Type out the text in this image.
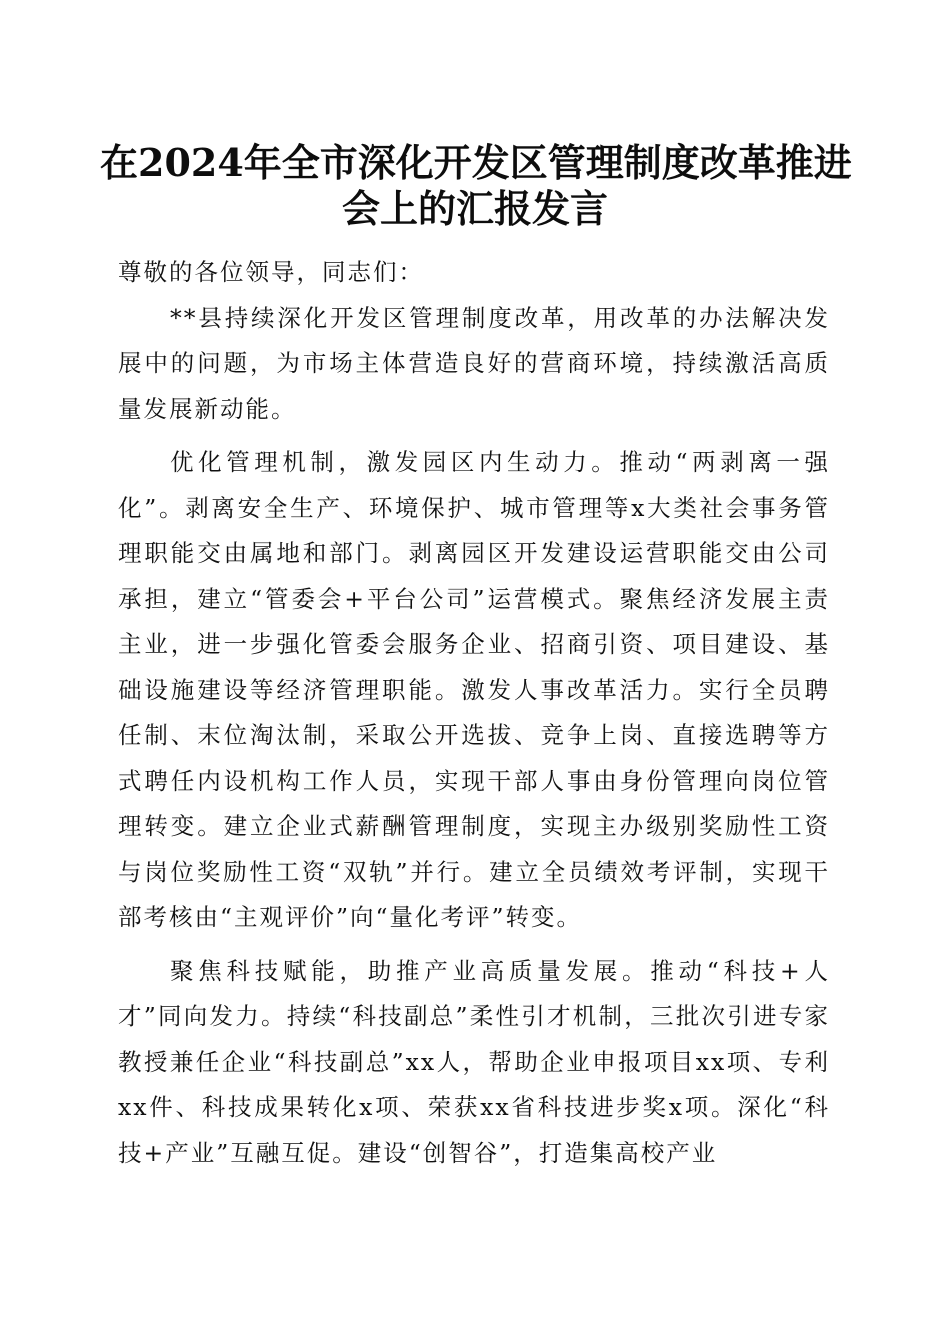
在2024年全市深化开发区管理制度改革推进
会上的汇报发言

尊敬的各位领导，同志们：

**县持续深化开发区管理制度改革，用改革的办法解决发展中的问题，为市场主体营造良好的营商环境，持续激活高质量发展新动能。

优化管理机制，激发园区内生动力。推动“两剥离一强化”。剥离安全生产、环境保护、城市管理等x大类社会事务管理职能交由属地和部门。剥离园区开发建设运营职能交由公司承担，建立“管委会+平台公司”运营模式。聚焦经济发展主责主业，进一步强化管委会服务企业、招商引资、项目建设、基础设施建设等经济管理职能。激发人事改革活力。实行全员聘任制、末位淘汰制，采取公开选拔、竞争上岗、直接选聘等方式聘任内设机构工作人员，实现干部人事由身份管理向岗位管理转变。建立企业式薪酬管理制度，实现主办级别奖励性工资与岗位奖励性工资“双轨”并行。建立全员绩效考评制，实现干部考核由“主观评价”向“量化考评”转变。

聚焦科技赋能，助推产业高质量发展。推动“科技+人才”同向发力。持续“科技副总”柔性引才机制，三批次引进专家教授兼任企业“科技副总”xx人，帮助企业申报项目xx项、专利xx件、科技成果转化x项、荣获xx省科技进步奖x项。深化“科技+产业”互融互促。建设“创智谷”，打造集高校产业
